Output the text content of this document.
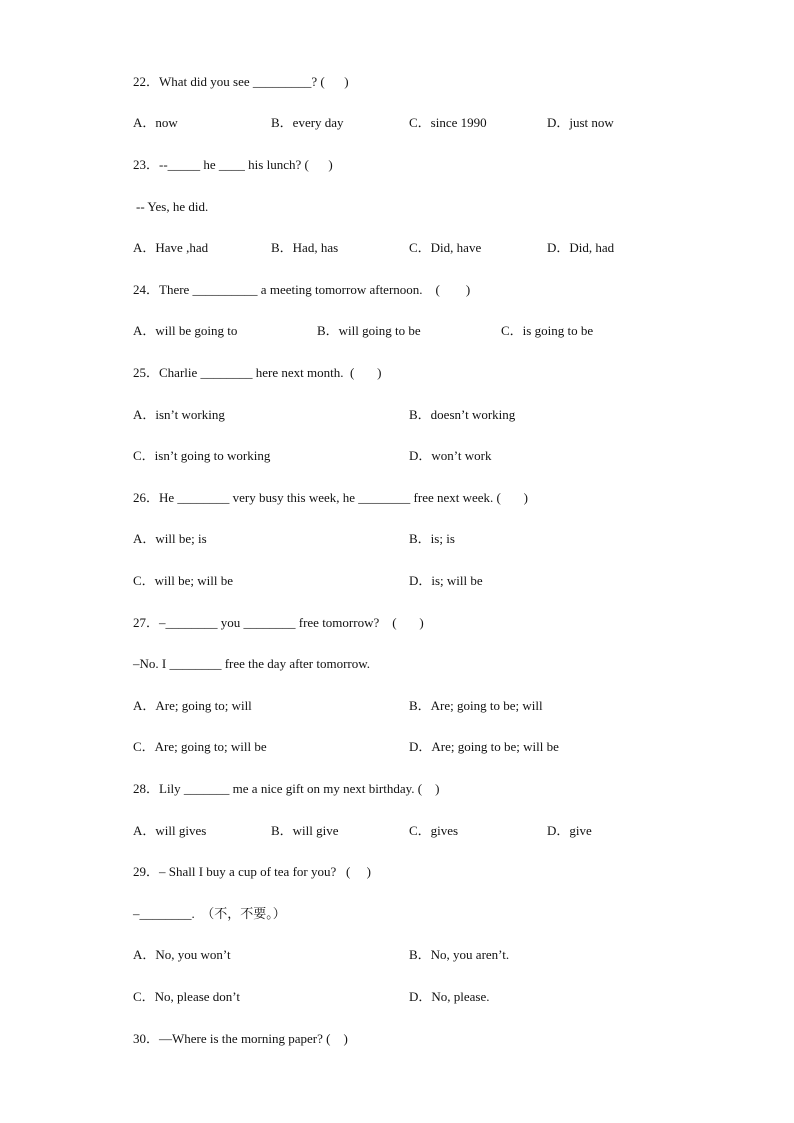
22．What did you see _________? (      )
A．now	B．every day	C．since 1990	D．just now
23．--_____ he ____ his lunch? (      )
-- Yes, he did.
A．Have ,had	B．Had, has	C．Did, have	D．Did, had
24．There __________ a meeting tomorrow afternoon.    (        )
A．will be going to	B．will going to be	C．is going to be
25．Charlie ________ here next month.  (       )
A．isn’t working	B．doesn’t working
C．isn’t going to working	D．won’t work
26．He ________ very busy this week, he ________ free next week. (       )
A．will be; is	B．is; is
C．will be; will be	D．is; will be
27．–________ you ________ free tomorrow?    (       )
–No. I ________ free the day after tomorrow.
A．Are; going to; will	B．Are; going to be; will
C．Are; going to; will be	D．Are; going to be; will be
28．Lily _______ me a nice gift on my next birthday. (    )
A．will gives	B．will give	C．gives	D．give
29．– Shall I buy a cup of tea for you?   (     )
–________.  （不，不要。）
A．No, you won’t	B．No, you aren’t.
C．No, please don’t	D．No, please.
30．—Where is the morning paper? (    )
